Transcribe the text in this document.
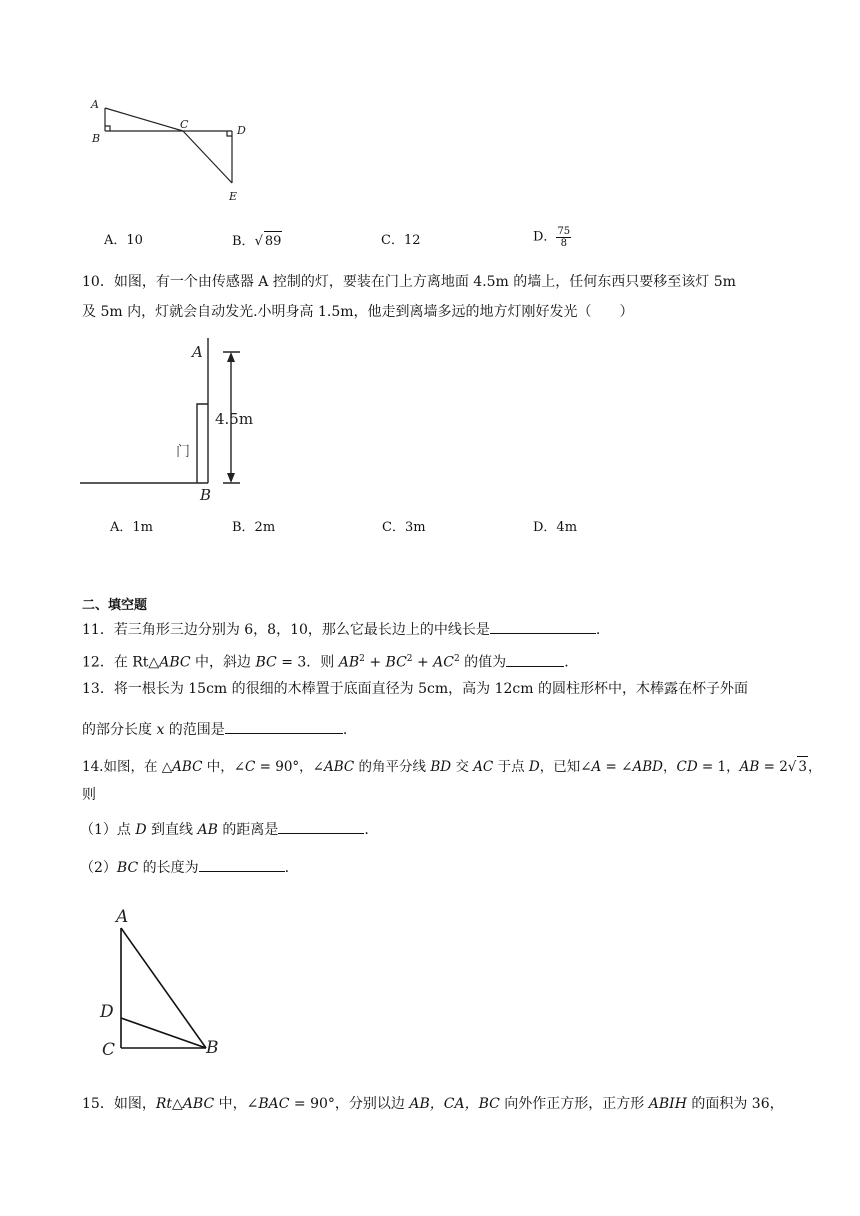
A
B
C	D
E
A．10	B．√ 89	C．12	D． $\frac{75}{8}$
10．如图，有一个由传感器 A 控制的灯，要装在门上方离地面 4.5m 的墙上，任何东西只要移至该灯 5m
及 5m 内，灯就会自动发光.小明身高 1.5m，他走到离墙多远的地方灯刚好发光（　　）
A
B
4.5m
门
A．1m	B．2m	C．3m	D．4m
二、填空题
11．若三角形三边分别为 6，8，10，那么它最长边上的中线长是	.
12．在 Rt△ABC 中，斜边 BC = 3．则 $AB^2 + BC^2 + AC^2$ 的值为	.
13．将一根长为 15cm 的很细的木棒置于底面直径为 5cm，高为 12cm 的圆柱形杯中，木棒露在杯子外面
的部分长度 x 的范围是	.
14.如图，在 △ABC 中，∠C = 90°，∠ABC 的角平分线 BD 交 AC 于点 D，已知∠A = ∠ABD，CD = 1，AB = 2√ 3，
则
（1）点 D 到直线 AB 的距离是	.
（2）BC 的长度为	.
A
D
C	B
15．如图，Rt△ABC 中，∠BAC = 90°，分别以边 AB，CA，BC 向外作正方形，正方形 ABIH 的面积为 36，
